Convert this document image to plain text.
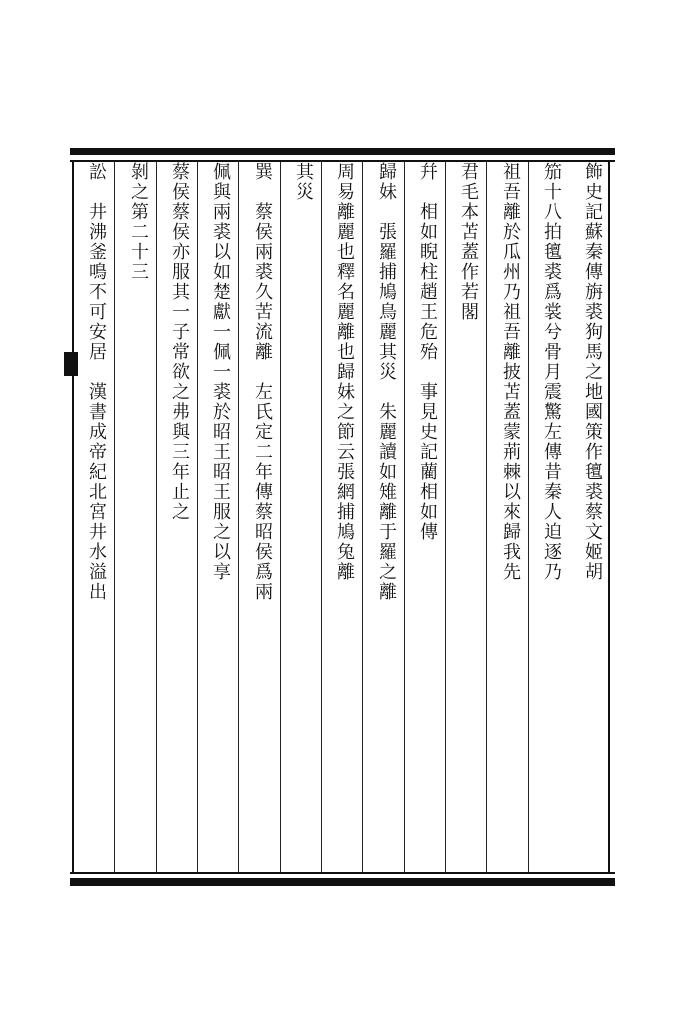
飾史記蘇秦傳旃裘狗馬之地國策作氊裘蔡文姬胡
笳十八拍氊裘爲裳兮骨月震驚左傳昔秦人迫逐乃
祖吾離於瓜州乃祖吾離披苫蓋蒙荊棘以來歸我先
君毛本苫蓋作若閣
幷　相如睨柱趙王危殆　事見史記藺相如傳
歸妹　張羅捕鳩鳥麗其災　朱麗讀如雉離于羅之離
周易離麗也釋名麗離也歸妹之節云張網捕鳩兔離
其災
巽　蔡侯兩裘久苦流離　左氏定二年傳蔡昭侯爲兩
佩與兩裘以如楚獻一佩一裘於昭王昭王服之以享
蔡侯蔡侯亦服其一子常欲之弗與三年止之
剝之第二十三
訟　井沸釜鳴不可安居　漢書成帝紀北宮井水溢出
